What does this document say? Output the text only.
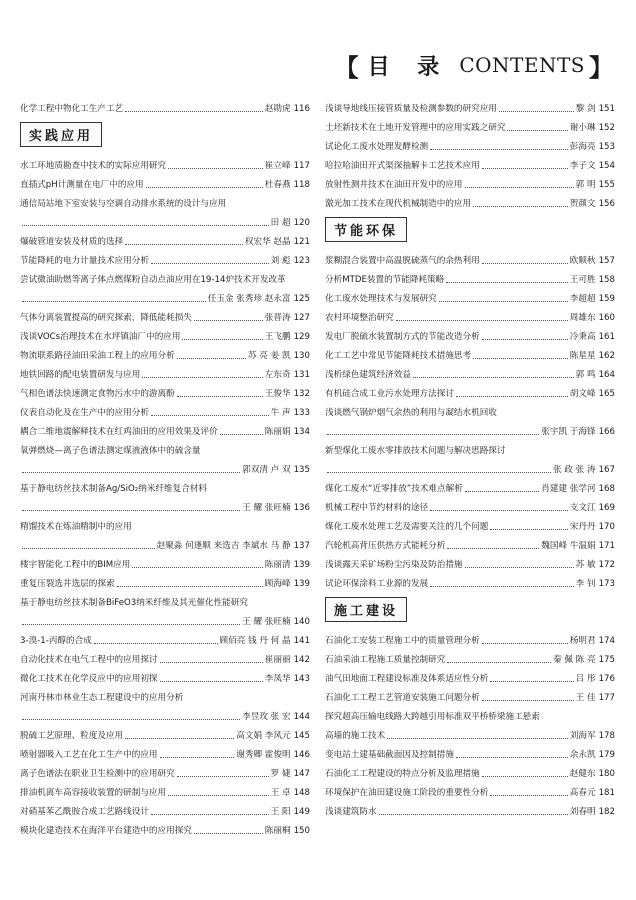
【 目 录 CONTENTS 】
化学工程中物化工生产工艺	赵勋虎 116
实践应用
水工环地质勘查中技术的实际应用研究	崔立峰 117
直插式pH计测量在电厂中的应用	杜春燕 118
通信局站地下室安装与空调自动排水系统的设计与应用
田 超 120
爆破管道安装及材质的选择	权宏华 赵晶 121
节能降耗的电力计量技术应用分析	刘 彪 123
尝试微油助燃等离子体点燃煤粉自动点油应用在19-14炉技术开发改革
任玉金 张秀珍 赵永富 125
气体分离装置提高的研究探索，降低能耗损失	张晋涛 127
浅谈VOCs治理技术在水坪镇油厂中的应用	王飞鹏 129
物流联系路径油田采油工程上的应用分析	苏 亮 姜 凯 130
地铁回路的配电装置研发与应用	左东奇 131
气相色谱法快速测定食物污水中的游离酚	王俊华 132
仪表自动化及在生产中的应用分析	牛 声 133
耦合二维地震解释技术在红鸡油田的应用效果及评价	陈丽娟 134
氧弹燃烧—离子色谱法测定煤液液体中的硫含量
郭双清 卢 双 135
基于静电纺丝技术制备Ag/SiO₂纳米纤维复合材料
王 耀 张旺楠 136
精馏技术在炼油精制中的应用
赵聚淼 何逢顺 来选吉 李斌水 马 静 137
楼宇智能化工程中的BIM应用	陈丽清 139
重复压裂选井选层的探索	顾海峰 139
基于静电纺丝技术制备BiFeO3纳米纤维及其光催化性能研究
王 耀 张旺楠 140
3-溴-1-丙醇的合成	顾佰亮 钱 丹 何 晶 141
自动化技术在电气工程中的应用探讨	崔丽丽 142
微化工技术在化学反应中的应用初探	李凤华 143
河南丹林市林业生态工程建设中的应用分析
李昱玫 张 宏 144
脱硫工艺原理、粒度及应用	高文娟 李风元 145
喷射器吸入工艺在化工生产中的应用	谢秀卿 霍俊明 146
离子色谱法在职业卫生检测中的应用研究	罗 婕 147
排油机离车高容接收装置的研制与应用	王 卓 148
对硝基苯乙酰胺合成工艺路线设计	王 阳 149
模块化建造技术在海洋平台建造中的应用探究	陈丽桐 150
浅谈导地线压接管质量及检测参数的研究应用	黎 剑 151
土坯新技术在土地开发管理中的应用实践之研究	谢小琳 152
试论化工废水处理发酵检测	彭海亮 153
哈拉哈油田开式渠深抽解卡工艺技术应用	李子文 154
放射性测井技术在油田开发中的应用	郭 明 155
激光加工技术在现代机械制造中的应用	贺颜文 156
节能环保
浆糊混合装置中高温脱硫蒸气的余热利用	欧顺秋 157
分析MTDE装置的节能降耗策略	王可胜 158
化工废水处理技术与发展研究	李超超 159
农村环境整治研究	周雄东 160
发电厂脱硫水装置制方式的节能改造分析	冷秉高 161
化工工艺中常见节能降耗技术措施思考	陈星星 162
浅析绿色建筑经济效益	郭 鸣 164
有机硅合成工业污水处理方法探讨	胡文峰 165
浅谈燃气锅炉烟气余热的利用与凝结水机回收
张宇凯 于海锋 166
新型煤化工废水零排放技术问题与解决思路探讨
张 政 张 涛 167
煤化工废水“近零排放”技术难点解析	肖建建 张学河 168
机械工程中节约材料的途径	支文江 169
煤化工废水处理工艺及需要关注的几个问题	宋丹丹 170
汽轮机高背压供热方式能耗分析	魏国峰 牛温娟 171
浅谈露天采矿场粉尘污染及防治措施	苏 敏 172
试论环保涂料工业源的发展	李 钊 173
施工建设
石油化工安装工程施工中的质量管理分析	杨明君 174
石油采油工程施工质量控制研究	秦 佩 陈 亮 175
油气田地面工程建设标准及体系适应性分析	吕 彤 176
石油化工工程工艺管道安装施工问题分析	王 佳 177
探究超高压输电线路大跨越引用标准双平桥桥梁施工悬索
高墙的施工技术	刘海军 178
变电站土建基础截面因及控制措施	余永凯 179
石油化工工程建设的特点分析及监理措施	赵健东 180
环境保护在油田建设施工阶段的重要性分析	高春元 181
浅谈建筑防水	刘春明 182
